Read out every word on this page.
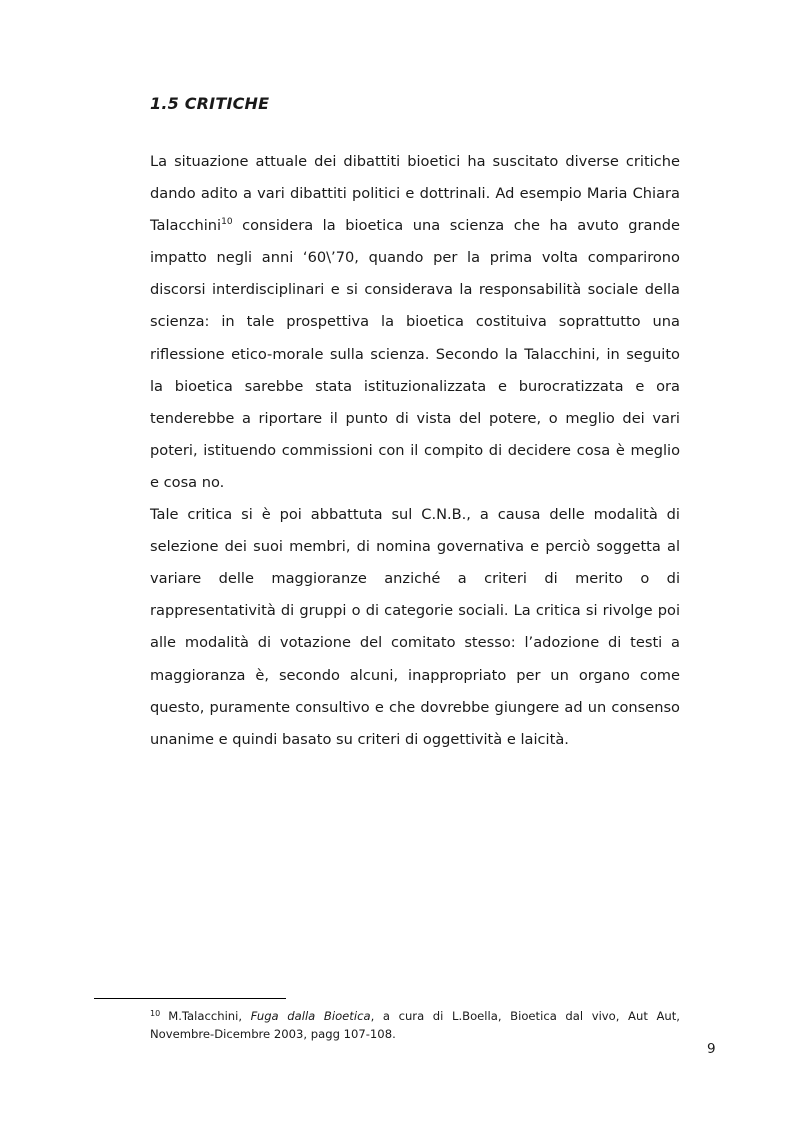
1.5 CRITICHE

La situazione attuale dei dibattiti bioetici ha suscitato diverse critiche dando adito a vari dibattiti politici e dottrinali. Ad esempio Maria Chiara Talacchini$^{10}$ considera la bioetica una scienza che ha avuto grande impatto negli anni ‘60\’70, quando per la prima volta comparirono discorsi interdisciplinari e si considerava la responsabilità sociale della scienza: in tale prospettiva la bioetica costituiva soprattutto una riflessione etico-morale sulla scienza. Secondo la Talacchini, in seguito la bioetica sarebbe stata istituzionalizzata e burocratizzata e ora tenderebbe a riportare il punto di vista del potere, o meglio dei vari poteri, istituendo commissioni con il compito di decidere cosa è meglio e cosa no.

Tale critica si è poi abbattuta sul C.N.B., a causa delle modalità di selezione dei suoi membri, di nomina governativa e perciò soggetta al variare delle maggioranze anziché a criteri di merito o di rappresentatività di gruppi o di categorie sociali. La critica si rivolge poi alle modalità di votazione del comitato stesso: l’adozione di testi a maggioranza è, secondo alcuni, inappropriato per un organo come questo, puramente consultivo e che dovrebbe giungere ad un consenso unanime e quindi basato su criteri di oggettività e laicità.

$^{10}$ M.Talacchini, Fuga dalla Bioetica, a cura di L.Boella, Bioetica dal vivo, Aut Aut, Novembre-Dicembre 2003, pagg 107-108.
9
